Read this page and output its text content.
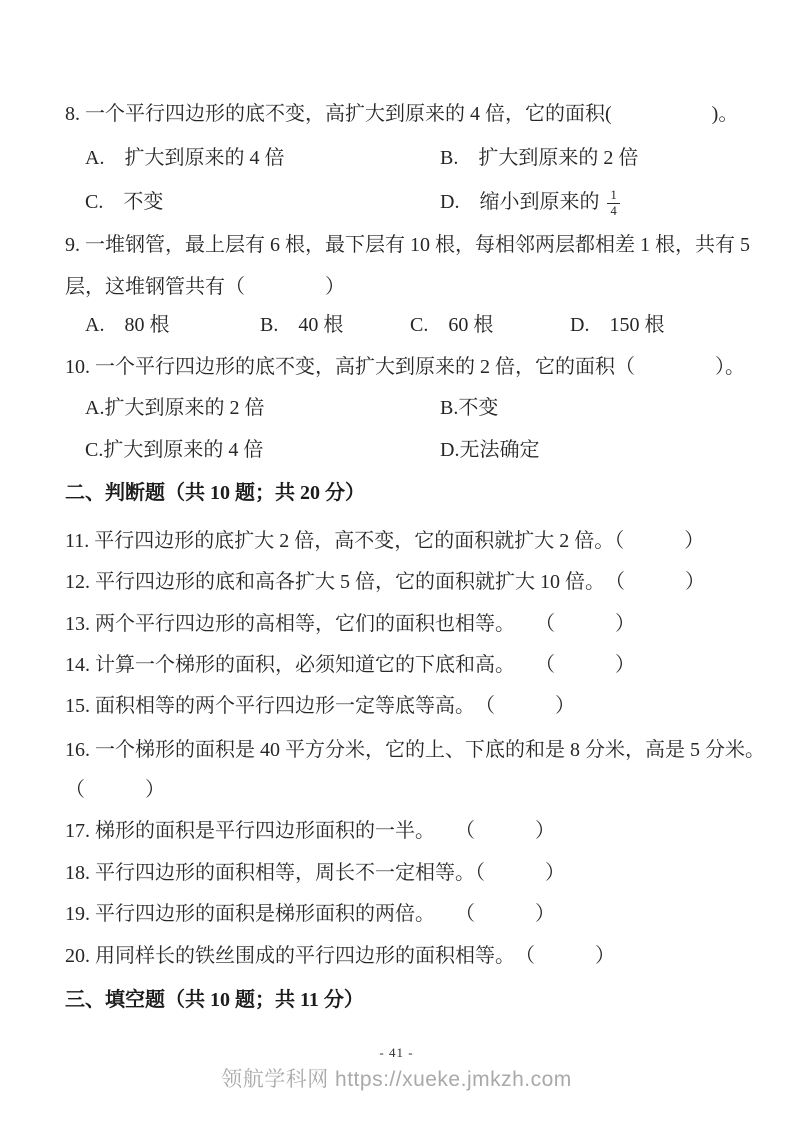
8. 一个平行四边形的底不变，高扩大到原来的 4 倍，它的面积(　　　　　)。
A.　扩大到原来的 4 倍	B.　扩大到原来的 2 倍
C.　不变	D.　缩小到原来的 $\frac{1}{4}$
9. 一堆钢管，最上层有 6 根，最下层有 10 根，每相邻两层都相差 1 根，共有 5
层，这堆钢管共有（　　　　）
A.　80 根	B.　40 根	C.　60 根	D.　150 根
10. 一个平行四边形的底不变，高扩大到原来的 2 倍，它的面积（　　　　）。
A.扩大到原来的 2 倍	B.不变
C.扩大到原来的 4 倍	D.无法确定
二、判断题（共 10 题；共 20 分）
11. 平行四边形的底扩大 2 倍，高不变，它的面积就扩大 2 倍。（　　　）
12. 平行四边形的底和高各扩大 5 倍，它的面积就扩大 10 倍。　（　　　）
13. 两个平行四边形的高相等，它们的面积也相等。　　（　　　）
14. 计算一个梯形的面积，必须知道它的下底和高。　　（　　　）
15. 面积相等的两个平行四边形一定等底等高。　（　　　）
16. 一个梯形的面积是 40 平方分米，它的上、下底的和是 8 分米，高是 5 分米。
（　　　）
17. 梯形的面积是平行四边形面积的一半。　　（　　　）
18. 平行四边形的面积相等，周长不一定相等。（　　　）
19. 平行四边形的面积是梯形面积的两倍。　　（　　　）
20. 用同样长的铁丝围成的平行四边形的面积相等。　（　　　）
三、填空题（共 10 题；共 11 分）
- 41 -
领航学科网 https://xueke.jmkzh.com
